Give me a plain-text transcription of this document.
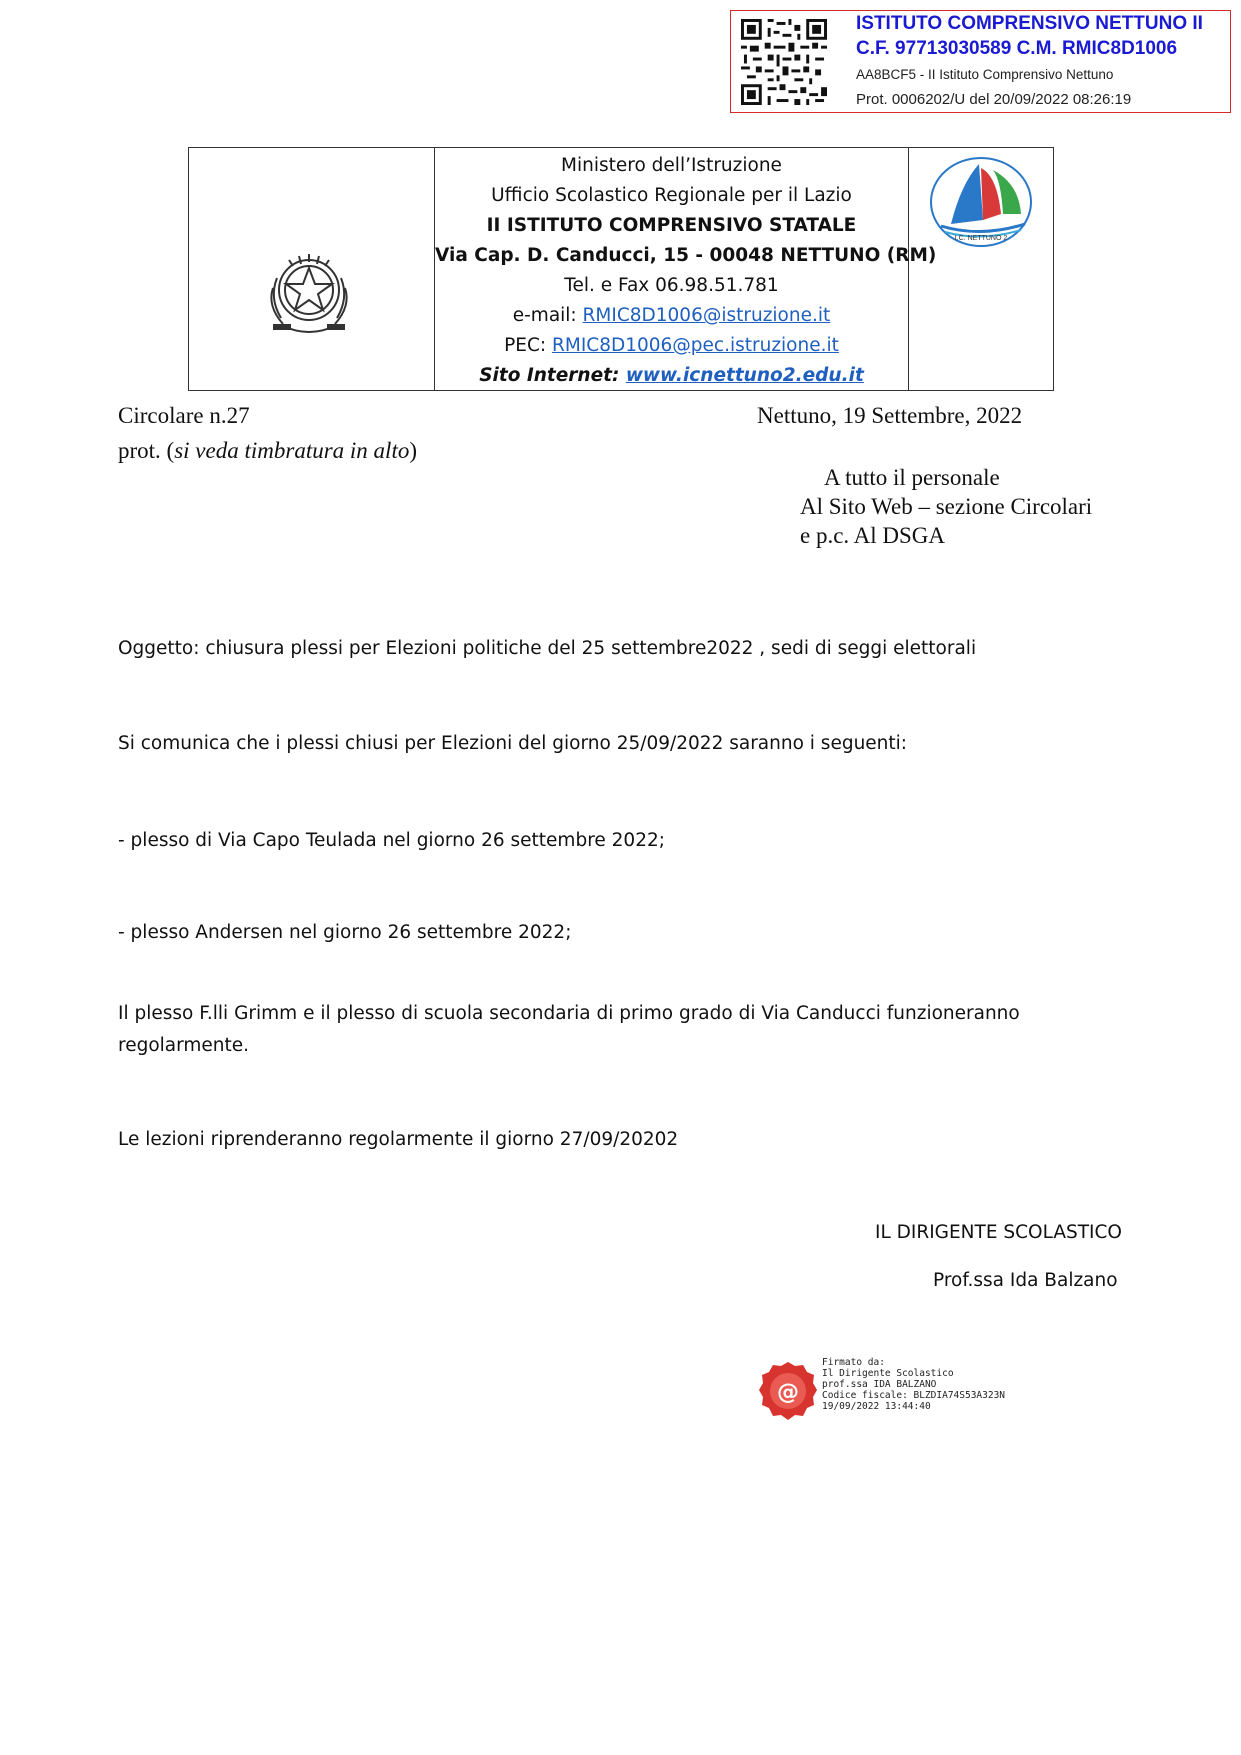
ISTITUTO COMPRENSIVO NETTUNO II
C.F. 97713030589 C.M. RMIC8D1006
AA8BCF5 - II Istituto Comprensivo Nettuno
Prot. 0006202/U del 20/09/2022 08:26:19
Ministero dell’Istruzione
Ufficio Scolastico Regionale per il Lazio
II ISTITUTO COMPRENSIVO STATALE
Via Cap. D. Canducci, 15 - 00048 NETTUNO (RM)
Tel. e Fax 06.98.51.781
e-mail: RMIC8D1006@istruzione.it
PEC: RMIC8D1006@pec.istruzione.it
Sito Internet: www.icnettuno2.edu.it
I.C. NETTUNO 2
Circolare n.27	Nettuno, 19 Settembre, 2022
prot. (si veda timbratura in alto)
A tutto il personale
Al Sito Web – sezione Circolari
e p.c. Al DSGA
Oggetto: chiusura plessi per Elezioni politiche del 25 settembre2022 , sedi di seggi elettorali
Si comunica che i plessi chiusi per Elezioni del giorno 25/09/2022 saranno i seguenti:
- plesso di Via Capo Teulada nel giorno 26 settembre 2022;
- plesso Andersen nel giorno 26 settembre 2022;
Il plesso F.lli Grimm e il plesso di scuola secondaria di primo grado di Via Canducci funzioneranno
regolarmente.
Le lezioni riprenderanno regolarmente il giorno 27/09/20202
IL DIRIGENTE SCOLASTICO
Prof.ssa Ida Balzano
@
Firmato da:
Il Dirigente Scolastico
prof.ssa IDA BALZANO
Codice fiscale: BLZDIA74S53A323N
19/09/2022 13:44:40
